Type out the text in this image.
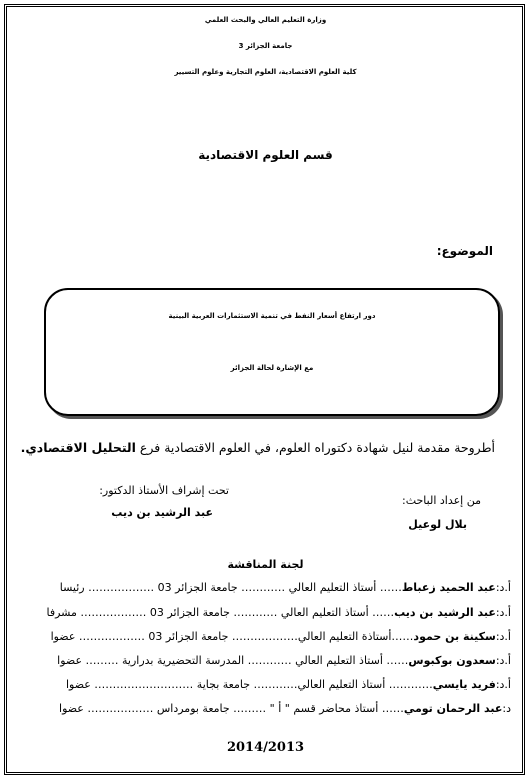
وزارة التعليم العالي والبحث العلمي
جامعة الجزائر 3
كلية العلوم الاقتصادية، العلوم التجارية وعلوم التسيير
قسم العلوم الاقتصادية
الموضوع:
دور ارتفاع أسعار النفط في تنمية الاستثمارات العربية البينية
مع الإشارة لحالة الجزائر
أطروحة مقدمة لنيل شهادة دكتوراه العلوم، في العلوم الاقتصادية فرع التحليل الاقتصادي.
من إعداد الباحث:
بلال لوعيل
تحت إشراف الأستاذ الدكتور:
عبد الرشيد بن ديب
لجنة المناقشة
أ.د:
عبد الحميد زعباط
…… أستاذ التعليم العالي ………… جامعة الجزائر 03 ……………… رئيسا
أ.د:
عبد الرشيد بن ديب
…… أستاذ التعليم العالي ………… جامعة الجزائر 03 ……………… مشرفا
أ.د:
سكينة بن حمود
……أستاذة التعليم العالي……………… جامعة الجزائر 03 ……………… عضوا
أ.د:
سعدون بوكبوس
…… أستاذ التعليم العالي ………… المدرسة التحضيرية بدرارية ……… عضوا
أ.د:
فريد يايسي
………… أستاذ التعليم العالي………… جامعة بجاية ……………………… عضوا
د:
عبد الرحمان تومي
…… أستاذ محاضر قسم " أ " ……… جامعة بومرداس ……………… عضوا
2014/2013
